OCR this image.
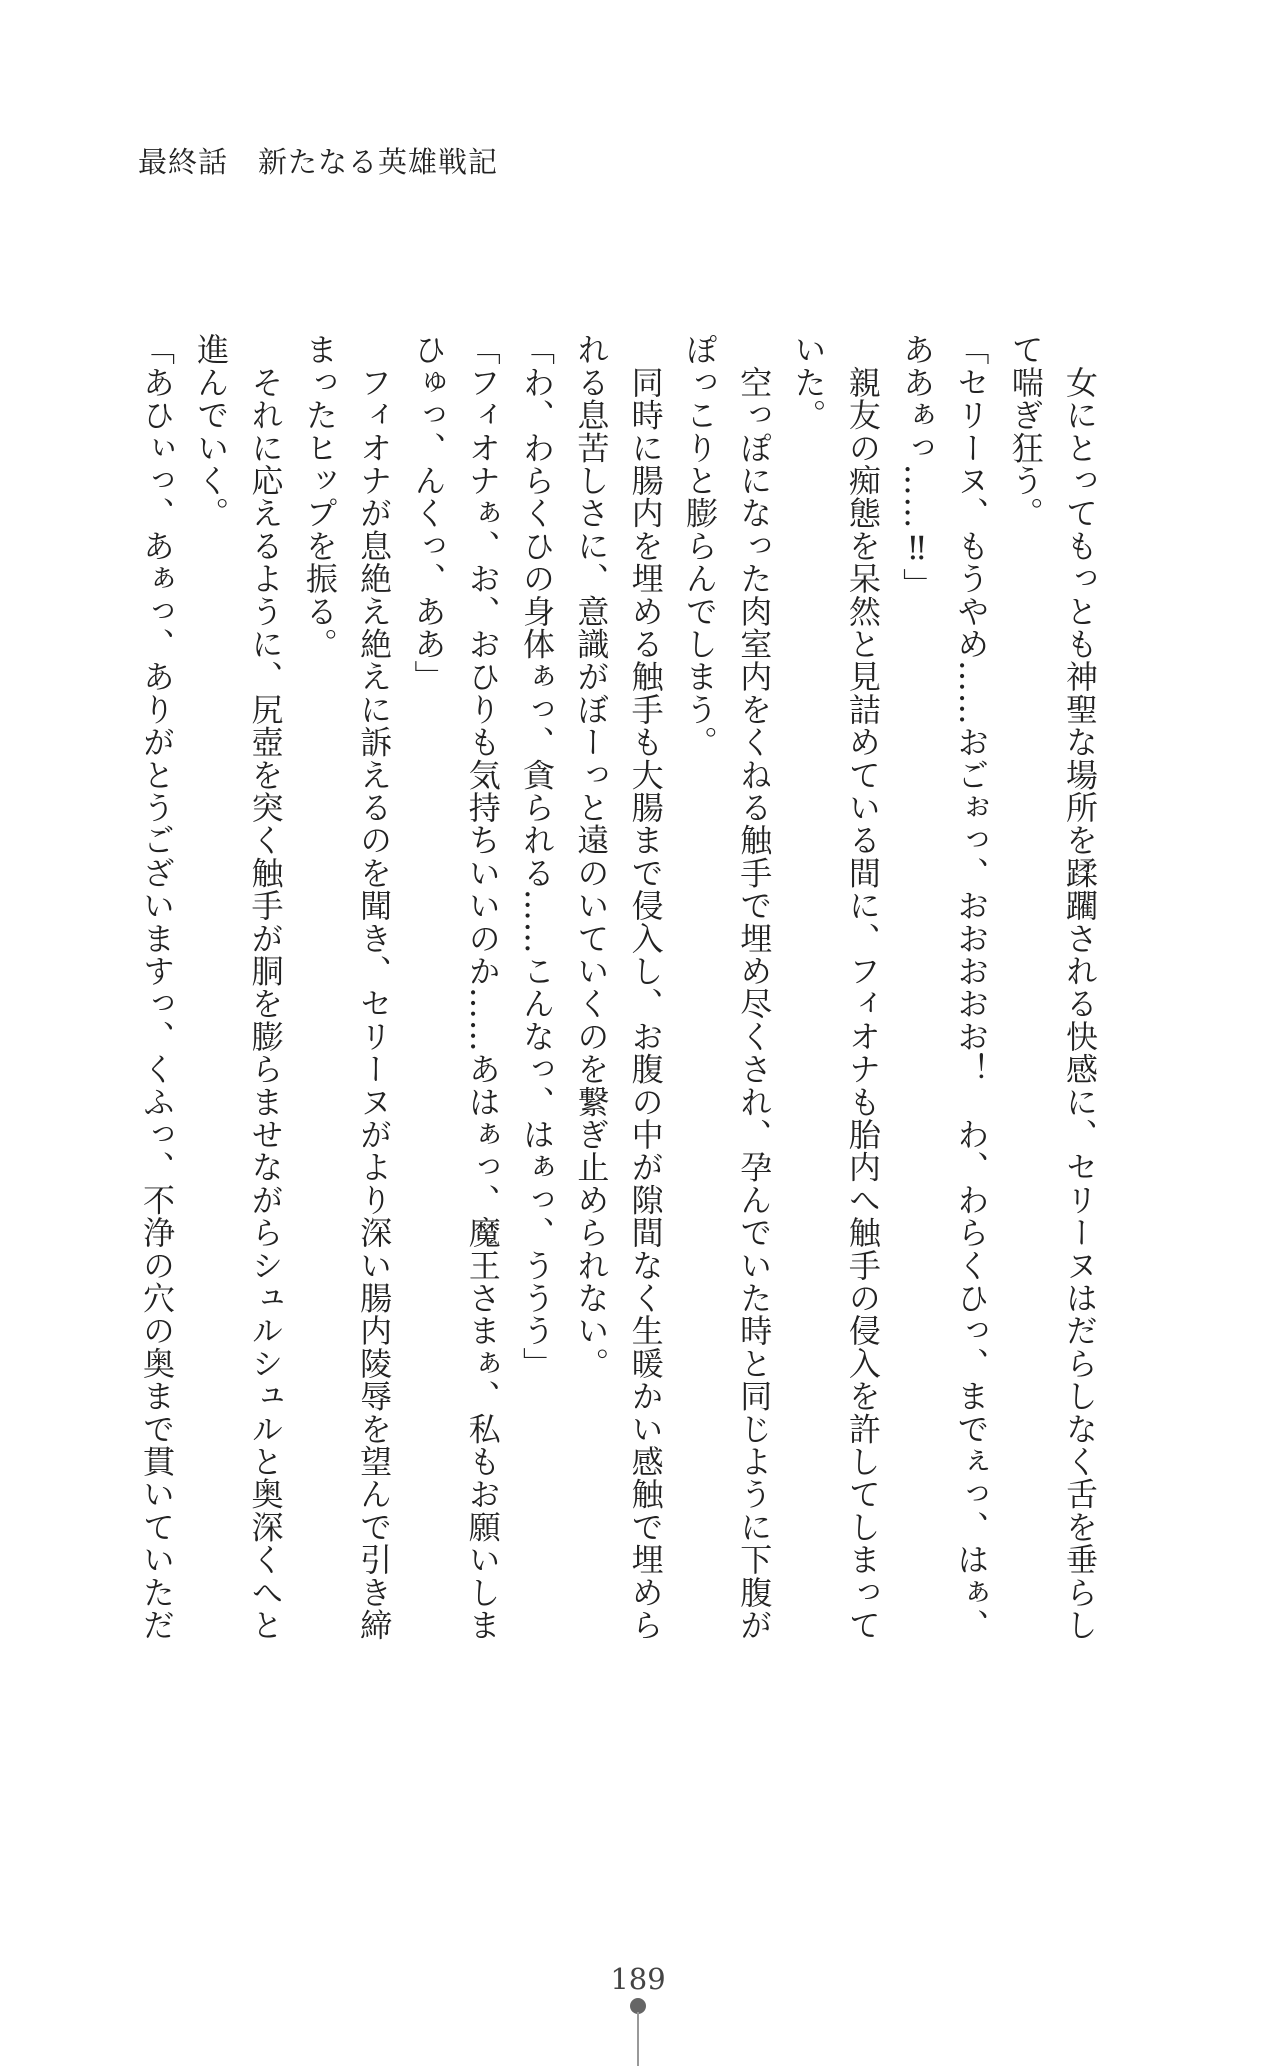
最終話　新たなる英雄戦記
　女にとってもっとも神聖な場所を蹂躙される快感に、セリーヌはだらしなく舌を垂らし
て喘ぎ狂う。
「セリーヌ、もうやめ……おごぉっ、おおおおお！　わ、わらくひっ、までぇっ、はぁ、
ああぁっ……‼」
　親友の痴態を呆然と見詰めている間に、フィオナも胎内へ触手の侵入を許してしまって
いた。
　空っぽになった肉室内をくねる触手で埋め尽くされ、孕んでいた時と同じように下腹が
ぽっこりと膨らんでしまう。
　同時に腸内を埋める触手も大腸まで侵入し、お腹の中が隙間なく生暖かい感触で埋めら
れる息苦しさに、意識がぼーっと遠のいていくのを繋ぎ止められない。
「わ、わらくひの身体ぁっ、貪られる……こんなっ、はぁっ、ううう」
「フィオナぁ、お、おひりも気持ちいいのか……あはぁっ、魔王さまぁ、私もお願いしま
ひゅっ、んくっ、ああ」
　フィオナが息絶え絶えに訴えるのを聞き、セリーヌがより深い腸内陵辱を望んで引き締
まったヒップを振る。
　それに応えるように、尻壺を突く触手が胴を膨らませながらシュルシュルと奥深くへと
進んでいく。
「あひぃっ、あぁっ、ありがとうございますっ、くふっ、不浄の穴の奥まで貫いていただ
189
